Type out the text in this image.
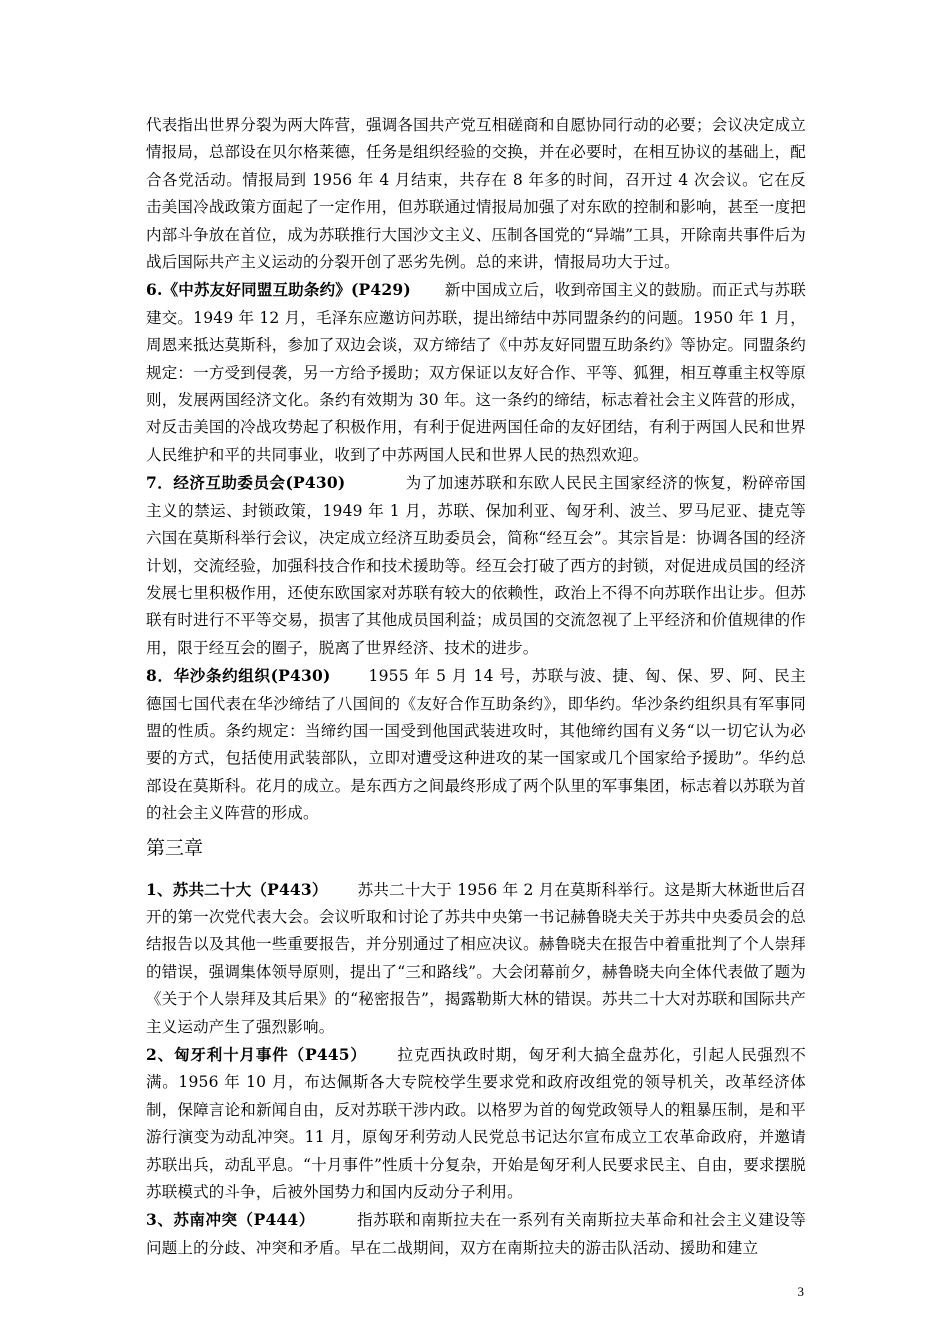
代表指出世界分裂为两大阵营，强调各国共产党互相磋商和自愿协同行动的必要；会议决定成立情报局，总部设在贝尔格莱德，任务是组织经验的交换，并在必要时，在相互协议的基础上，配合各党活动。情报局到 1956 年 4 月结束，共存在 8 年多的时间，召开过 4 次会议。它在反击美国冷战政策方面起了一定作用，但苏联通过情报局加强了对东欧的控制和影响，甚至一度把内部斗争放在首位，成为苏联推行大国沙文主义、压制各国党的“异端”工具，开除南共事件后为战后国际共产主义运动的分裂开创了恶劣先例。总的来讲，情报局功大于过。

6.《中苏友好同盟互助条约》(P429) 新中国成立后，收到帝国主义的鼓励。而正式与苏联建交。1949 年 12 月，毛泽东应邀访问苏联，提出缔结中苏同盟条约的问题。1950 年 1 月，周恩来抵达莫斯科，参加了双边会谈，双方缔结了《中苏友好同盟互助条约》等协定。同盟条约规定：一方受到侵袭，另一方给予援助；双方保证以友好合作、平等、狐狸，相互尊重主权等原则，发展两国经济文化。条约有效期为 30 年。这一条约的缔结，标志着社会主义阵营的形成，对反击美国的冷战攻势起了积极作用，有利于促进两国任命的友好团结，有利于两国人民和世界人民维护和平的共同事业，收到了中苏两国人民和世界人民的热烈欢迎。

7．经济互助委员会(P430)	为了加速苏联和东欧人民民主国家经济的恢复，粉碎帝国主义的禁运、封锁政策，1949 年 1 月，苏联、保加利亚、匈牙利、波兰、罗马尼亚、捷克等六国在莫斯科举行会议，决定成立经济互助委员会，简称“经互会”。其宗旨是：协调各国的经济计划，交流经验，加强科技合作和技术援助等。经互会打破了西方的封锁，对促进成员国的经济发展七里积极作用，还使东欧国家对苏联有较大的依赖性，政治上不得不向苏联作出让步。但苏联有时进行不平等交易，损害了其他成员国利益；成员国的交流忽视了上平经济和价值规律的作用，限于经互会的圈子，脱离了世界经济、技术的进步。

8．华沙条约组织(P430) 1955 年 5 月 14 号，苏联与波、捷、匈、保、罗、阿、民主德国七国代表在华沙缔结了八国间的《友好合作互助条约》，即华约。华沙条约组织具有军事同盟的性质。条约规定：当缔约国一国受到他国武装进攻时，其他缔约国有义务“以一切它认为必要的方式，包括使用武装部队，立即对遭受这种进攻的某一国家或几个国家给予援助”。华约总部设在莫斯科。花月的成立。是东西方之间最终形成了两个队里的军事集团，标志着以苏联为首的社会主义阵营的形成。

第三章

1、苏共二十大（P443） 苏共二十大于 1956 年 2 月在莫斯科举行。这是斯大林逝世后召开的第一次党代表大会。会议听取和讨论了苏共中央第一书记赫鲁晓夫关于苏共中央委员会的总结报告以及其他一些重要报告，并分别通过了相应决议。赫鲁晓夫在报告中着重批判了个人崇拜的错误，强调集体领导原则，提出了“三和路线”。大会闭幕前夕，赫鲁晓夫向全体代表做了题为《关于个人崇拜及其后果》的“秘密报告”，揭露勒斯大林的错误。苏共二十大对苏联和国际共产主义运动产生了强烈影响。

2、匈牙利十月事件（P445） 拉克西执政时期，匈牙利大搞全盘苏化，引起人民强烈不满。1956 年 10 月，布达佩斯各大专院校学生要求党和政府改组党的领导机关，改革经济体制，保障言论和新闻自由，反对苏联干涉内政。以格罗为首的匈党政领导人的粗暴压制，是和平游行演变为动乱冲突。11 月，原匈牙利劳动人民党总书记达尔宣布成立工农革命政府，并邀请苏联出兵，动乱平息。“十月事件”性质十分复杂，开始是匈牙利人民要求民主、自由，要求摆脱苏联模式的斗争，后被外国势力和国内反动分子利用。

3、苏南冲突（P444）	指苏联和南斯拉夫在一系列有关南斯拉夫革命和社会主义建设等问题上的分歧、冲突和矛盾。早在二战期间，双方在南斯拉夫的游击队活动、援助和建立

3
